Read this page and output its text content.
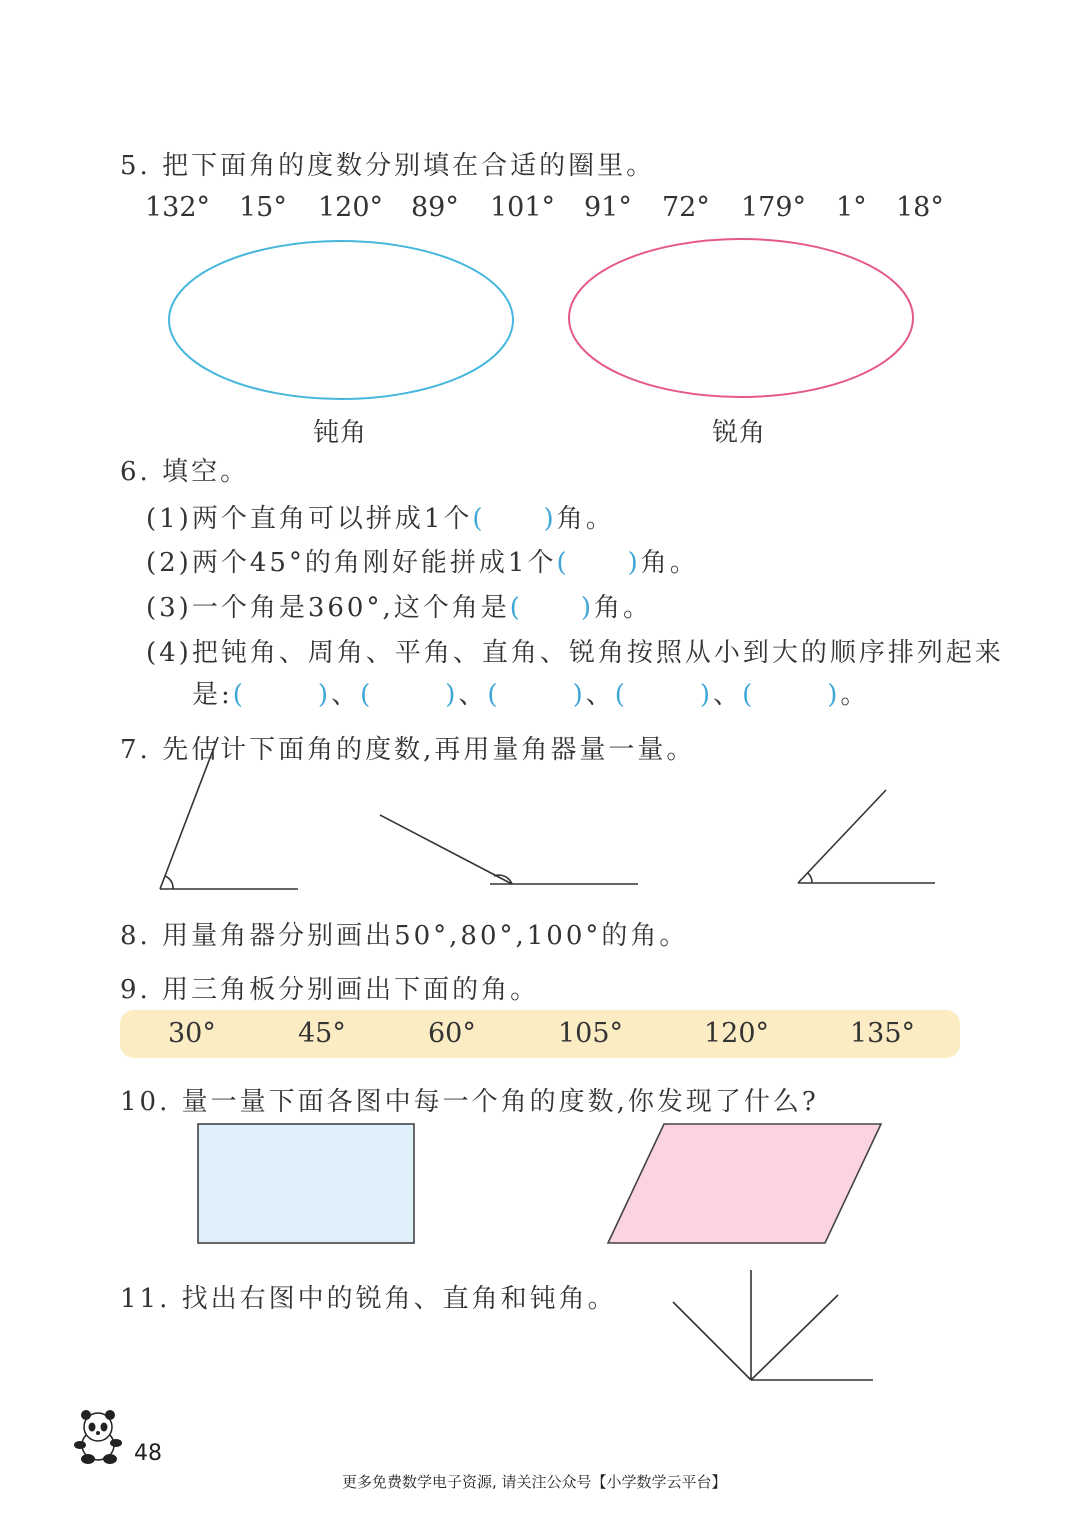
5. 把下面角的度数分别填在合适的圈里。
132° 15° 120° 89° 101° 91° 72° 179° 1° 18°
钝角	锐角
6. 填空。
(1)两个直角可以拼成1个( )角。
(2)两个45°的角刚好能拼成1个( )角。
(3)一个角是360°,这个角是( )角。
(4)把钝角、周角、平角、直角、锐角按照从小到大的顺序排列起来
是:(	)、(	)、(	)、(	)、(	)。
7. 先估计下面角的度数,再用量角器量一量。
8. 用量角器分别画出50°,80°,100°的角。
9. 用三角板分别画出下面的角。
30°	45°	60°	105°	120°	135°
10. 量一量下面各图中每一个角的度数,你发现了什么?
11. 找出右图中的锐角、直角和钝角。
48
更多免费数学电子资源, 请关注公众号【小学数学云平台】
